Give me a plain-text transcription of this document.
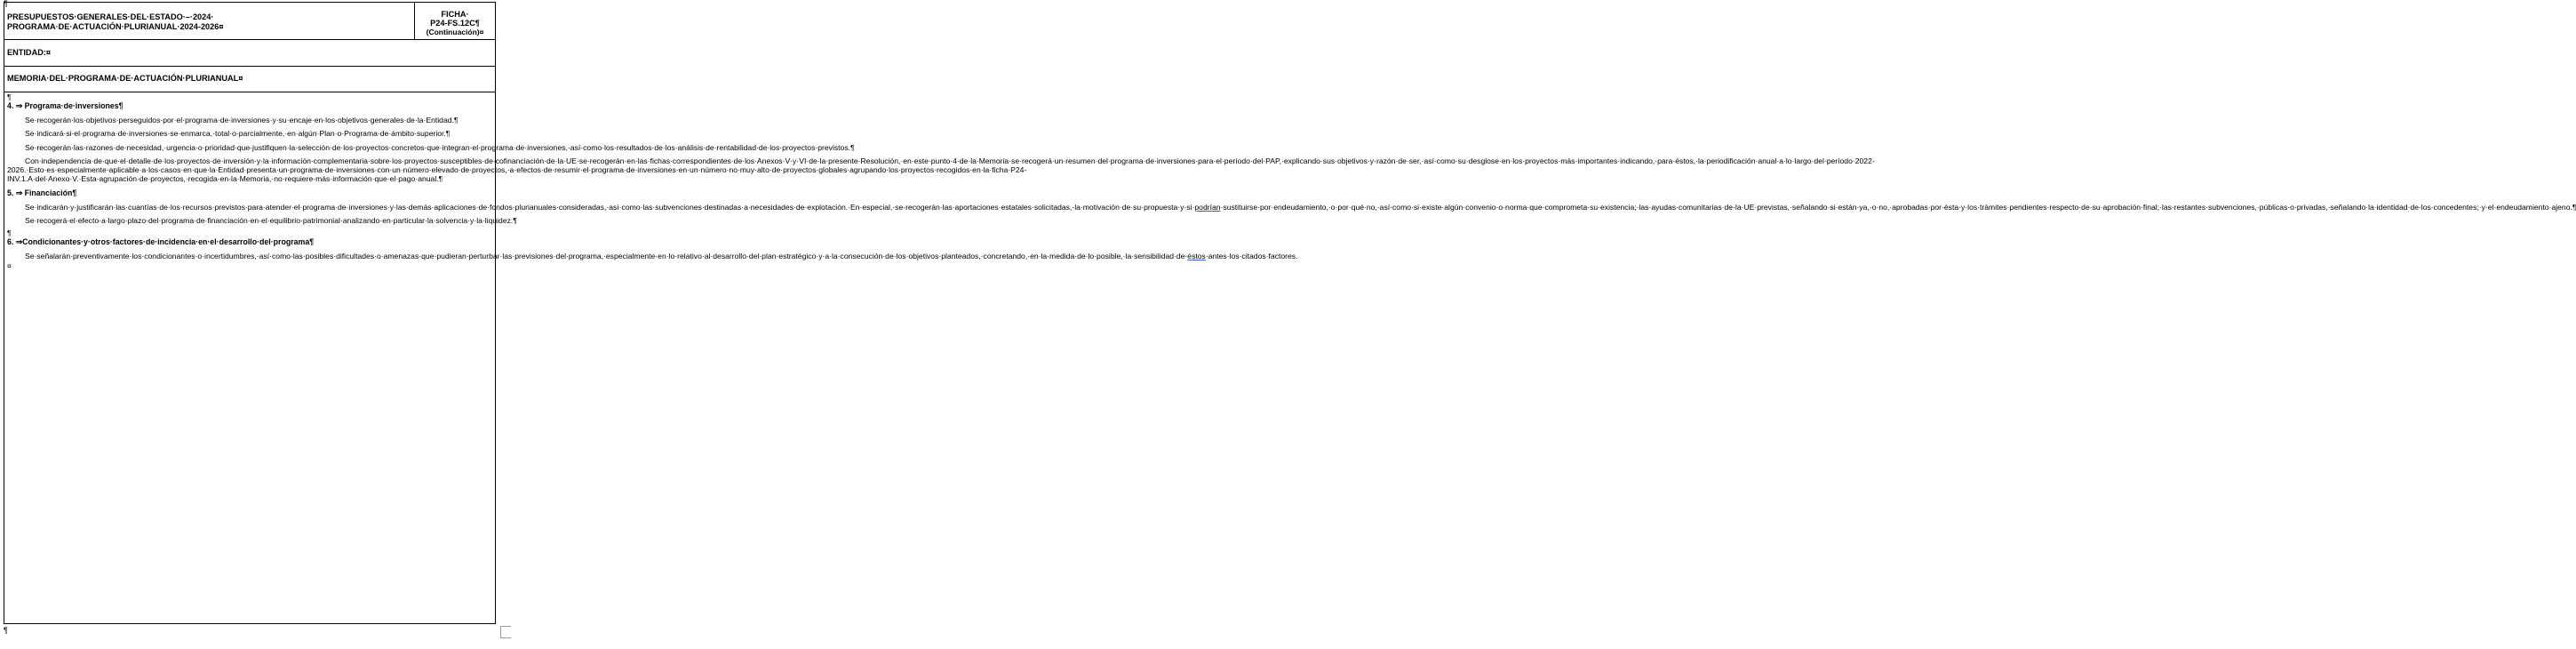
¶
PRESUPUESTOS·GENERALES·DEL·ESTADO·–·2024·
PROGRAMA·DE·ACTUACIÓN·PLURIANUAL·2024-2026¤
FICHA·
P24-FS.12C¶
(Continuación)¤
ENTIDAD:¤
MEMORIA·DEL·PROGRAMA·DE·ACTUACIÓN·PLURIANUAL¤
¶
4. ⇒ Programa·de·inversiones¶

Se·recogerán·los·objetivos·perseguidos·por·el·programa·de·inversiones·y·su·encaje·en·los·objetivos·generales·de·la·Entidad.¶

Se·indicará·si·el·programa·de·inversiones·se·enmarca,·total·o·parcialmente,·en·algún·Plan·o·Programa·de·ámbito·superior.¶

Se·recogerán·las·razones·de·necesidad,·urgencia·o·prioridad·que·justifiquen·la·selección·de·los·proyectos·concretos·que·integran·el·programa·de·inversiones,·así·como·los·resultados·de·los·análisis·de·rentabilidad·de·los·proyectos·previstos.¶

Con·independencia·de·que·el·detalle·de·los·proyectos·de·inversión·y·la·información·complementaria·sobre·los·proyectos·susceptibles·de·cofinanciación·de·la·UE·se·recogerán·en·las·fichas·correspondientes·de·los·Anexos·V·y·VI·de·la·presente·Resolución,·en·este·punto·4·de·la·Memoria·se·recogerá·un·resumen·del·programa·de·inversiones·para·el·período·del·PAP,·explicando·sus·objetivos·y·razón·de·ser,·así·como·su·desglose·en·los·proyectos·más·importantes·indicando,·para·éstos,·la·periodificación·anual·a·lo·largo·del·período·2022-2026.·Esto·es·especialmente·aplicable·a·los·casos·en·que·la·Entidad·presenta·un·programa·de·inversiones·con·un·número·elevado·de·proyectos,·a·efectos·de·resumir·el·programa·de·inversiones·en·un·número·no·muy·alto·de·proyectos·globales·agrupando·los·proyectos·recogidos·en·la·ficha·P24-INV.1.A·del·Anexo·V.·Esta·agrupación·de·proyectos,·recogida·en·la·Memoria,·no·requiere·más·información·que·el·pago·anual.¶

5. ⇒ Financiación¶

Se·indicarán·y·justificarán·las·cuantías·de·los·recursos·previstos·para·atender·el·programa·de·inversiones·y·las·demás·aplicaciones·de·fondos·plurianuales·consideradas,·así·como·las·subvenciones·destinadas·a·necesidades·de·explotación.·En·especial,·se·recogerán·las·aportaciones·estatales·solicitadas,·la·motivación·de·su·propuesta·y·si·podrían·sustituirse·por·endeudamiento,·o·por·qué·no,·así·como·si·existe·algún·convenio·o·norma·que·comprometa·su·existencia;·las·ayudas·comunitarias·de·la·UE·previstas,·señalando·si·están·ya,·o·no,·aprobadas·por·ésta·y·los·trámites·pendientes·respecto·de·su·aprobación·final;·las·restantes·subvenciones,·públicas·o·privadas,·señalando·la·identidad·de·los·concedentes;·y·el·endeudamiento·ajeno.¶

Se·recogerá·el·efecto·a·largo·plazo·del·programa·de·financiación·en·el·equilibrio·patrimonial·analizando·en·particular·la·solvencia·y·la·liquidez.¶

¶
6. ⇒Condicionantes·y·otros·factores·de·incidencia·en·el·desarrollo·del·programa¶

Se·señalarán·preventivamente·los·condicionantes·o·incertidumbres,·así·como·las·posibles·dificultades·o·amenazas·que·pudieran·perturbar·las·previsiones·del·programa,·especialmente·en·lo·relativo·al·desarrollo·del·plan·estratégico·y·a·la·consecución·de·los·objetivos·planteados,·concretando,·en·la·medida·de·lo·posible,·la·sensibilidad·de·éstos·antes·los·citados·factores.¤

¶
